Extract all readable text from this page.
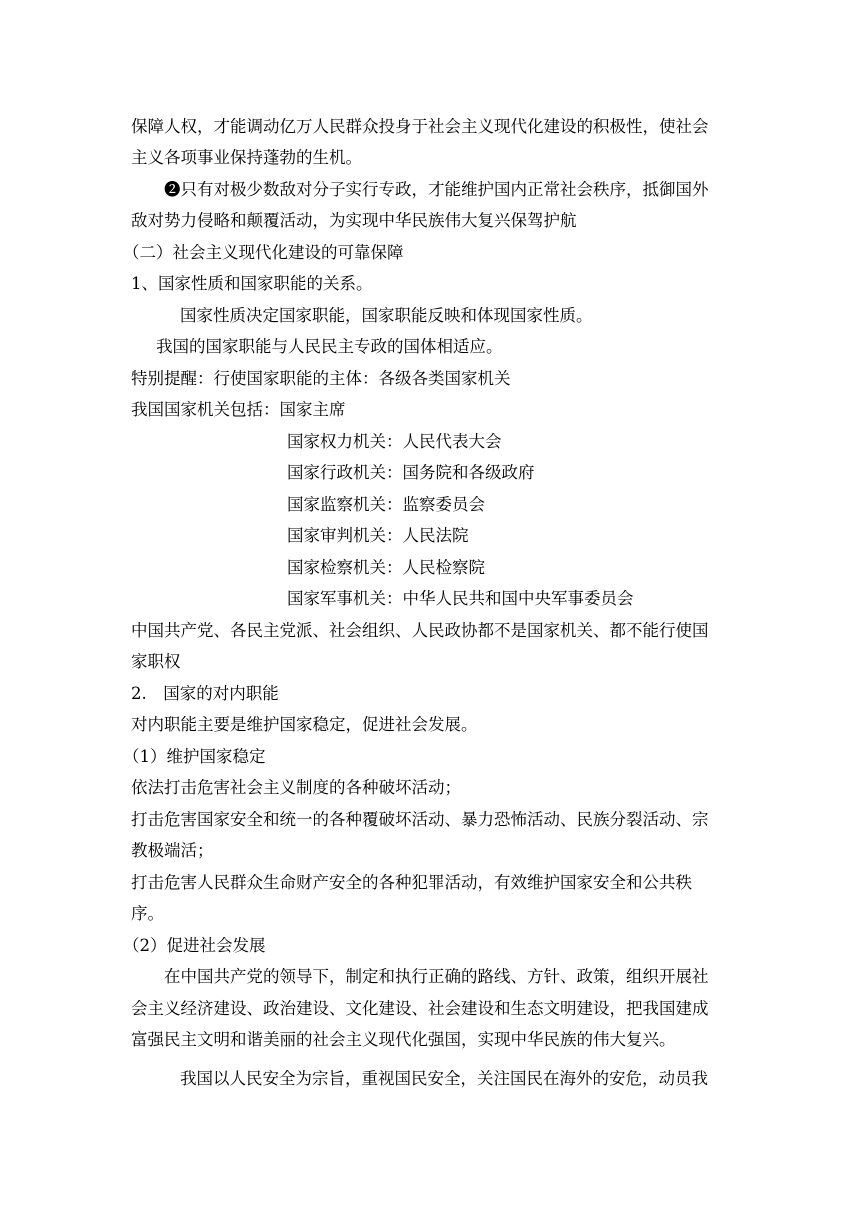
保障人权，才能调动亿万人民群众投身于社会主义现代化建设的积极性，使社会
主义各项事业保持蓬勃的生机。
❷只有对极少数敌对分子实行专政，才能维护国内正常社会秩序，抵御国外
敌对势力侵略和颠覆活动，为实现中华民族伟大复兴保驾护航
（二）社会主义现代化建设的可靠保障
1、国家性质和国家职能的关系。
国家性质决定国家职能，国家职能反映和体现国家性质。
我国的国家职能与人民民主专政的国体相适应。
特别提醒：行使国家职能的主体：各级各类国家机关
我国国家机关包括：国家主席
国家权力机关：人民代表大会
国家行政机关：国务院和各级政府
国家监察机关：监察委员会
国家审判机关：人民法院
国家检察机关：人民检察院
国家军事机关：中华人民共和国中央军事委员会
中国共产党、各民主党派、社会组织、人民政协都不是国家机关、都不能行使国
家职权
2.　国家的对内职能
对内职能主要是维护国家稳定，促进社会发展。
（1）维护国家稳定
依法打击危害社会主义制度的各种破坏活动；
打击危害国家安全和统一的各种覆破坏活动、暴力恐怖活动、民族分裂活动、宗
教极端活；
打击危害人民群众生命财产安全的各种犯罪活动，有效维护国家安全和公共秩
序。
（2）促进社会发展
在中国共产党的领导下，制定和执行正确的路线、方针、政策，组织开展社
会主义经济建设、政治建设、文化建设、社会建设和生态文明建设，把我国建成
富强民主文明和谐美丽的社会主义现代化强国，实现中华民族的伟大复兴。
我国以人民安全为宗旨，重视国民安全，关注国民在海外的安危，动员我
